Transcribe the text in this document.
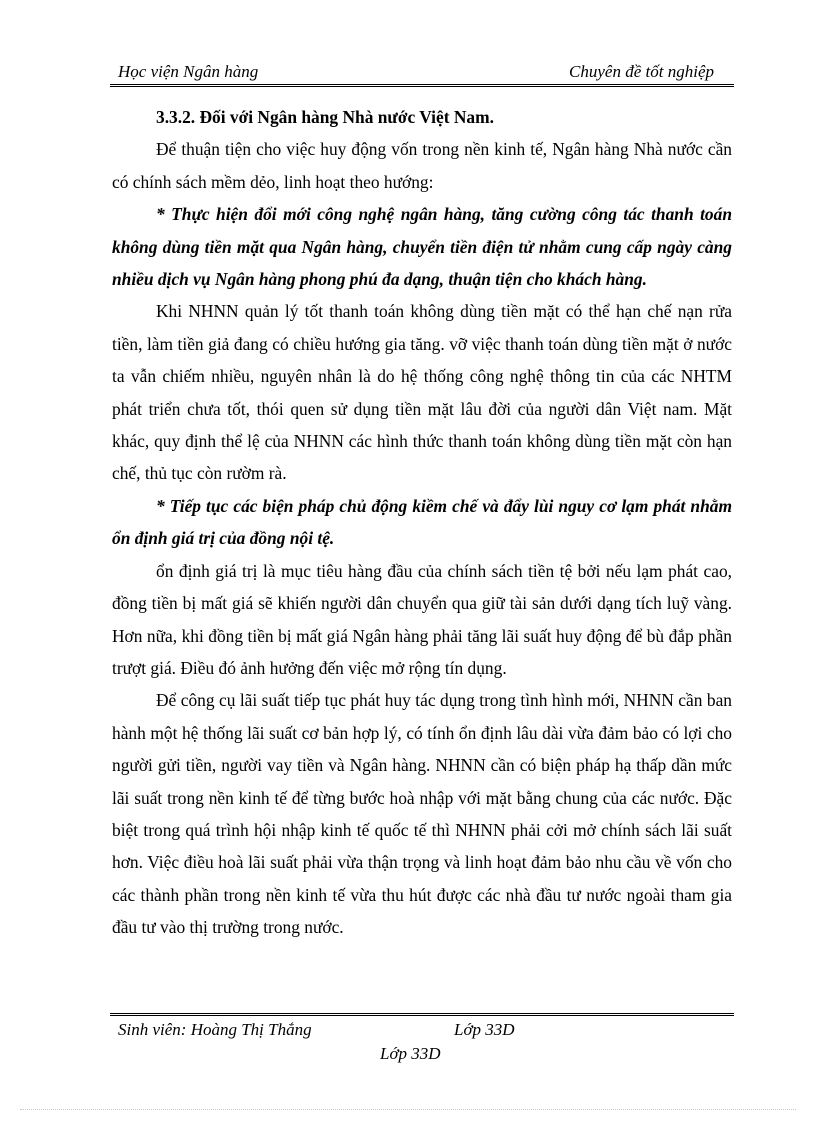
Học viện Ngân hàng	Chuyên đề tốt nghiệp

3.3.2. Đối với Ngân hàng Nhà nước Việt Nam.

Để thuận tiện cho việc huy động vốn trong nền kinh tế, Ngân hàng Nhà nước cần có chính sách mềm dẻo, linh hoạt theo hướng:

* Thực hiện đổi mới công nghệ ngân hàng, tăng cường công tác thanh toán không dùng tiền mặt qua Ngân hàng, chuyển tiền điện tử nhằm cung cấp ngày càng nhiều dịch vụ Ngân hàng phong phú đa dạng, thuận tiện cho khách hàng.

Khi NHNN quản lý tốt thanh toán không dùng tiền mặt có thể hạn chế nạn rửa tiền, làm tiền giả đang có chiều hướng gia tăng. vỡ việc thanh toán dùng tiền mặt ở nước ta vẫn chiếm nhiều, nguyên nhân là do hệ thống công nghệ thông tin của các NHTM phát triển chưa tốt, thói quen sử dụng tiền mặt lâu đời của người dân Việt nam. Mặt khác, quy định thể lệ của NHNN các hình thức thanh toán không dùng tiền mặt còn hạn chế, thủ tục còn rườm rà.

* Tiếp tục các biện pháp chủ động kiềm chế và đẩy lùi nguy cơ lạm phát nhằm ổn định giá trị của đồng nội tệ.

ổn định giá trị là mục tiêu hàng đầu của chính sách tiền tệ bởi nếu lạm phát cao, đồng tiền bị mất giá sẽ khiến người dân chuyển qua giữ tài sản dưới dạng tích luỹ vàng. Hơn nữa, khi đồng tiền bị mất giá Ngân hàng phải tăng lãi suất huy động để bù đắp phần trượt giá. Điều đó ảnh hưởng đến việc mở rộng tín dụng.

Để công cụ lãi suất tiếp tục phát huy tác dụng trong tình hình mới, NHNN cần ban hành một hệ thống lãi suất cơ bản hợp lý, có tính ổn định lâu dài vừa đảm bảo có lợi cho người gửi tiền, người vay tiền và Ngân hàng. NHNN cần có biện pháp hạ thấp dần mức lãi suất trong nền kinh tế để từng bước hoà nhập với mặt bằng chung của các nước. Đặc biệt trong quá trình hội nhập kinh tế quốc tế thì NHNN phải cởi mở chính sách lãi suất hơn. Việc điều hoà lãi suất phải vừa thận trọng và linh hoạt đảm bảo nhu cầu về vốn cho các thành phần trong nền kinh tế vừa thu hút được các nhà đầu tư nước ngoài tham gia đầu tư vào thị trường trong nước.

Sinh viên: Hoàng Thị Thắng	Lớp 33D
Lớp 33D
